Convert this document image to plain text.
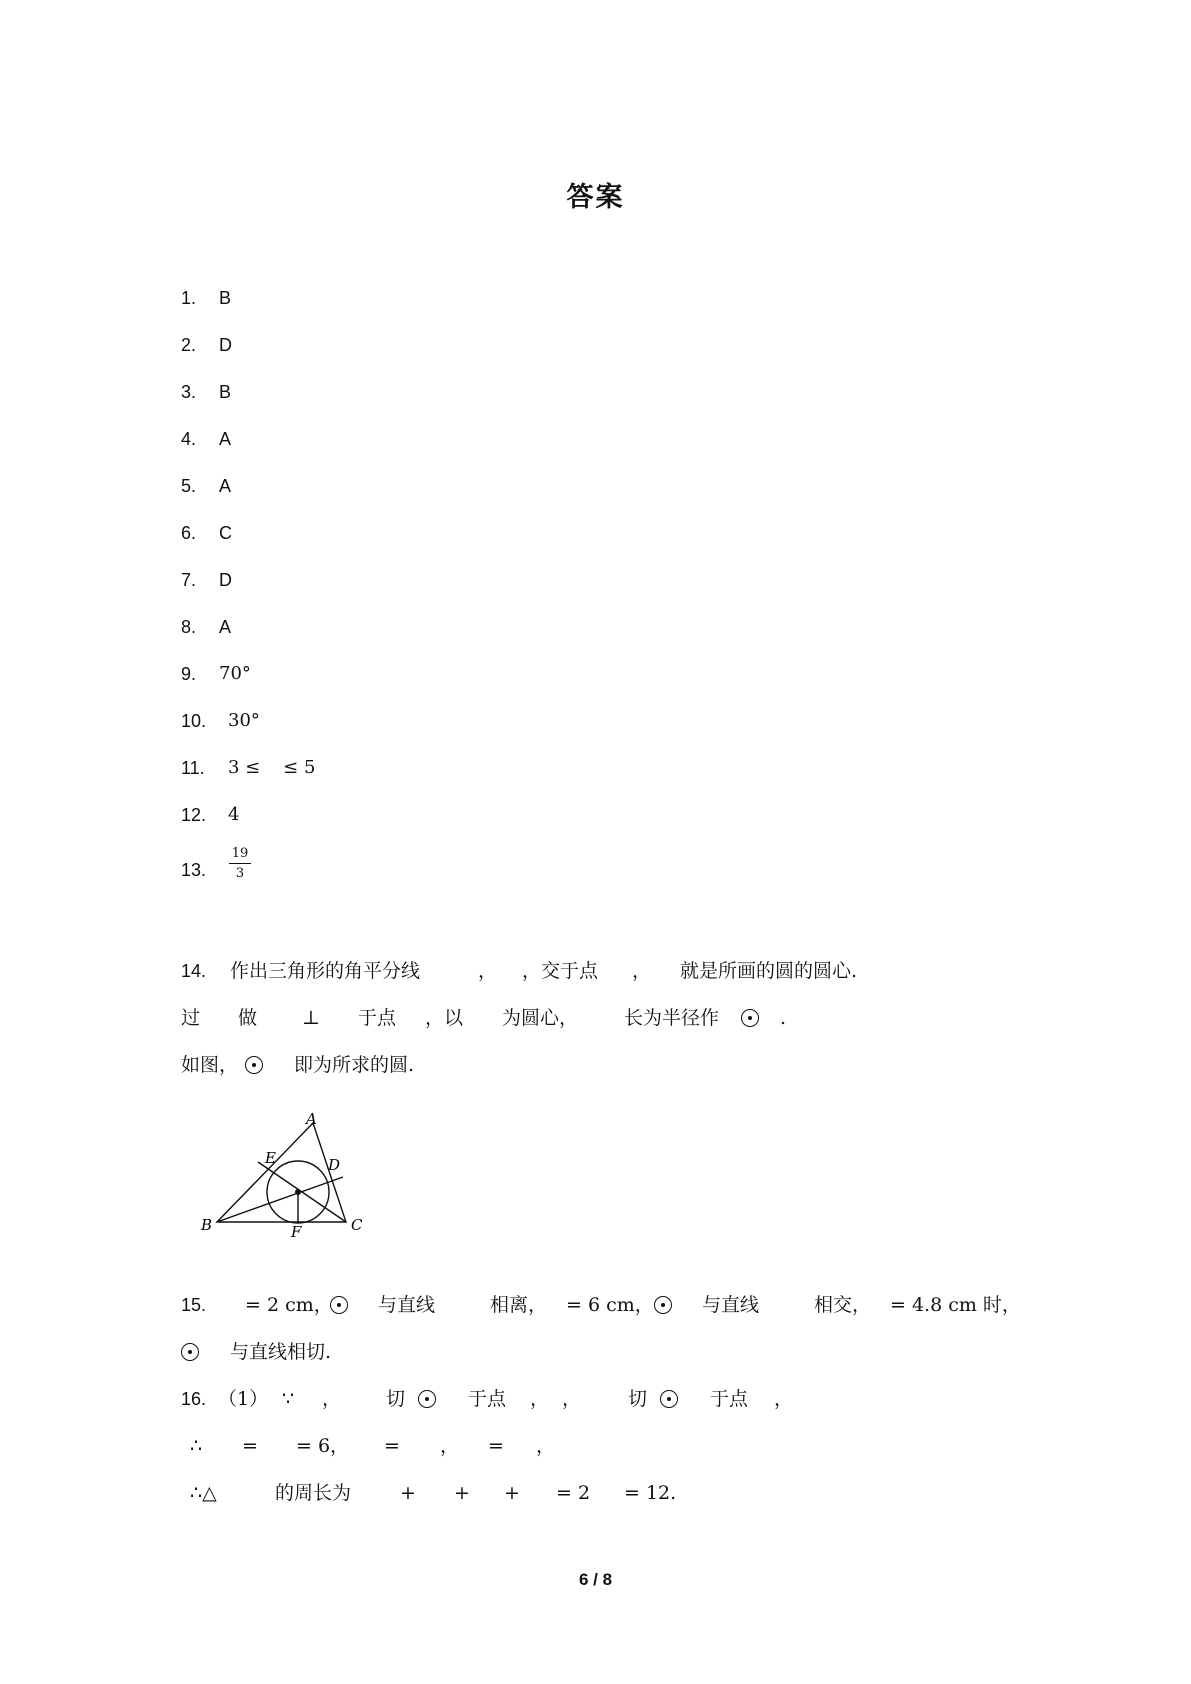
答案
1. B
2. D
3. B
4. A
5. A
6. C
7. D
8. A
9. 70°
10. 30°
11. 3 ≤    ≤ 5
12. 4
13.
19
3
14. 作出三角形的角平分线	， ，交于点 ， 就是所画的圆的圆心.
过 做 ⊥ 于点 ，以 为圆心， 长为半径作	.
如图，	即为所求的圆.
A
B	C
D
E
F
15. = 2 cm， 与直线	相离， = 6 cm，	与直线	相交， = 4.8 cm 时，
与直线相切.
16. （1） ∵ ， 切	于点 ， ， 切	于点 ，
∴ = = 6， = ， = ，
∴△	的周长为	+ + + = 2 = 12.
6 / 8
